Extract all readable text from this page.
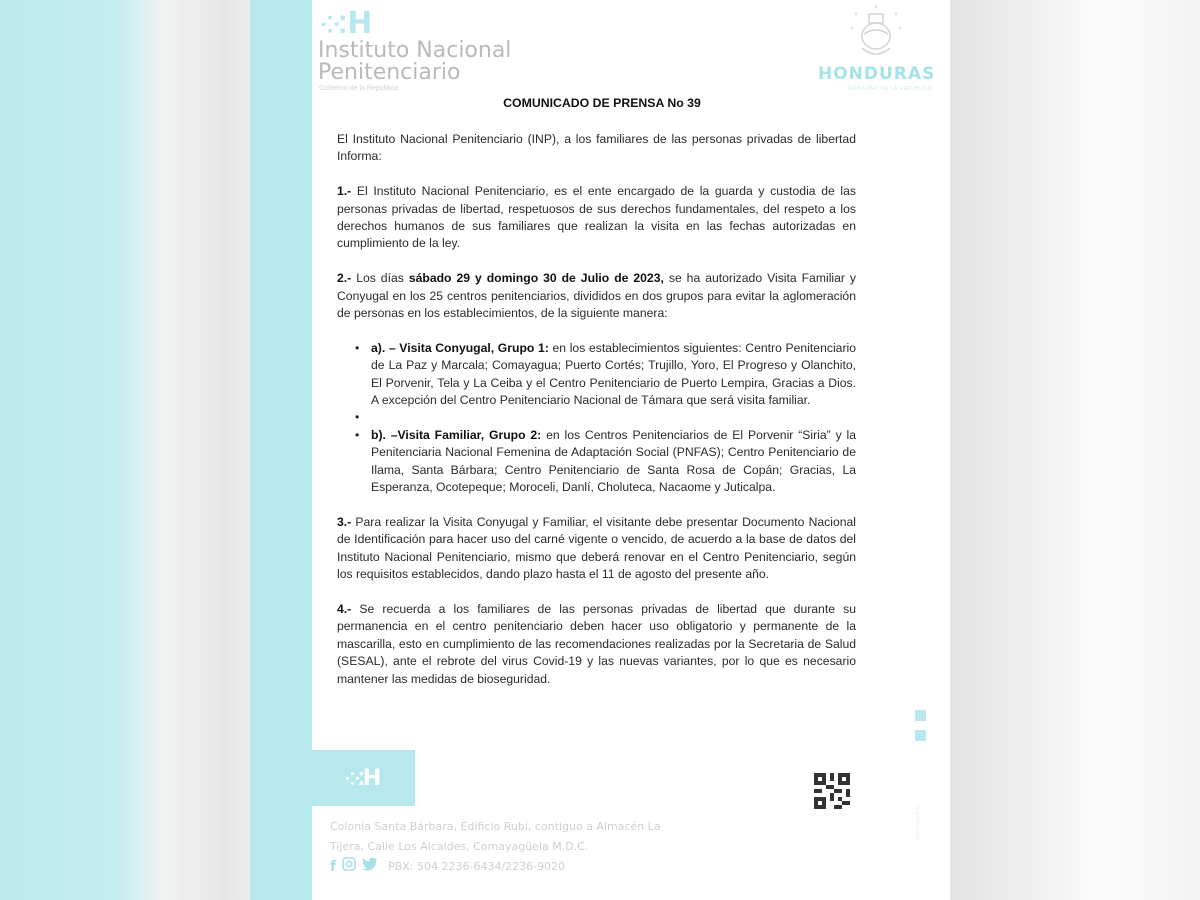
⁘⁚H
Instituto Nacional
Penitenciario
Gobierno de la República
HONDURAS
GOBIERNO DE LA REPÚBLICA
COMUNICADO DE PRENSA No 39

El Instituto Nacional Penitenciario (INP), a los familiares de las personas privadas de libertad Informa:

1.- El Instituto Nacional Penitenciario, es el ente encargado de la guarda y custodia de las personas privadas de libertad, respetuosos de sus derechos fundamentales, del respeto a los derechos humanos de sus familiares que realizan la visita en las fechas autorizadas en cumplimiento de la ley.

2.- Los días sábado 29 y domingo 30 de Julio de 2023, se ha autorizado Visita Familiar y Conyugal en los 25 centros penitenciarios, divididos en dos grupos para evitar la aglomeración de personas en los establecimientos, de la siguiente manera:

• a). – Visita Conyugal, Grupo 1: en los establecimientos siguientes: Centro Penitenciario de La Paz y Marcala; Comayagua; Puerto Cortés; Trujillo, Yoro, El Progreso y Olanchito, El Porvenir, Tela y La Ceiba y el Centro Penitenciario de Puerto Lempira, Gracias a Dios. A excepción del Centro Penitenciario Nacional de Támara que será visita familiar.
•
• b). –Visita Familiar, Grupo 2: en los Centros Penitenciarios de El Porvenir “Siria” y la Penitenciaria Nacional Femenina de Adaptación Social (PNFAS); Centro Penitenciario de Ilama, Santa Bárbara; Centro Penitenciario de Santa Rosa de Copán; Gracias, La Esperanza, Ocotepeque; Moroceli, Danlí, Choluteca, Nacaome y Juticalpa.

3.- Para realizar la Visita Conyugal y Familiar, el visitante debe presentar Documento Nacional de Identificación para hacer uso del carné vigente o vencido, de acuerdo a la base de datos del Instituto Nacional Penitenciario, mismo que deberá renovar en el Centro Penitenciario, según los requisitos establecidos, dando plazo hasta el 11 de agosto del presente año.

4.- Se recuerda a los familiares de las personas privadas de libertad que durante su permanencia en el centro penitenciario deben hacer uso obligatorio y permanente de la mascarilla, esto en cumplimiento de las recomendaciones realizadas por la Secretaria de Salud (SESAL), ante el rebrote del virus Covid-19 y las nuevas variantes, por lo que es necesario mantener las medidas de bioseguridad.

⁘⁚H
www.inp.gob.hn
Colonia Santa Bárbara, Edificio Rubí, contiguo a Almacén La
Tijera, Calle Los Alcaldes, Comayagüela M.D.C.
f	PBX: 504 2236-6434/2236-9020
